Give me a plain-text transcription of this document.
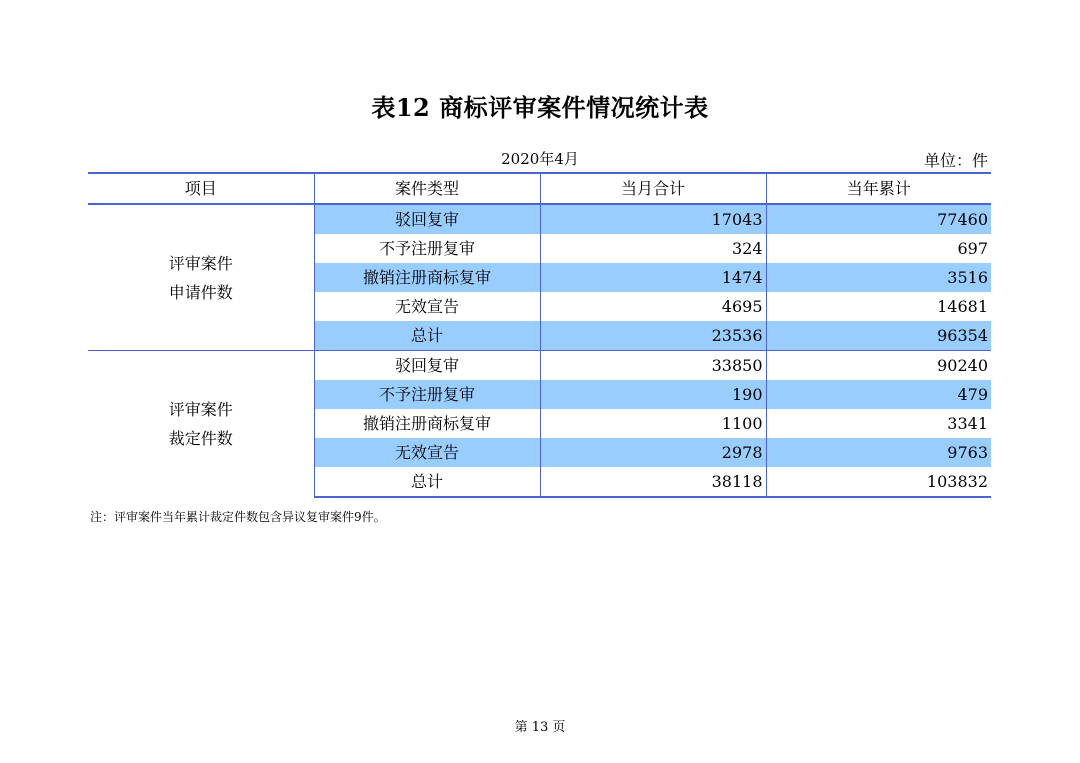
表12 商标评审案件情况统计表
2020年4月	单位：件
项目	案件类型	当月合计	当年累计
评审案件
申请件数	驳回复审	17043	77460
	不予注册复审	324	697
	撤销注册商标复审	1474	3516
	无效宣告	4695	14681
	总计	23536	96354
评审案件
裁定件数	驳回复审	33850	90240
	不予注册复审	190	479
	撤销注册商标复审	1100	3341
	无效宣告	2978	9763
	总计	38118	103832
注：评审案件当年累计裁定件数包含异议复审案件9件。
第 13 页
